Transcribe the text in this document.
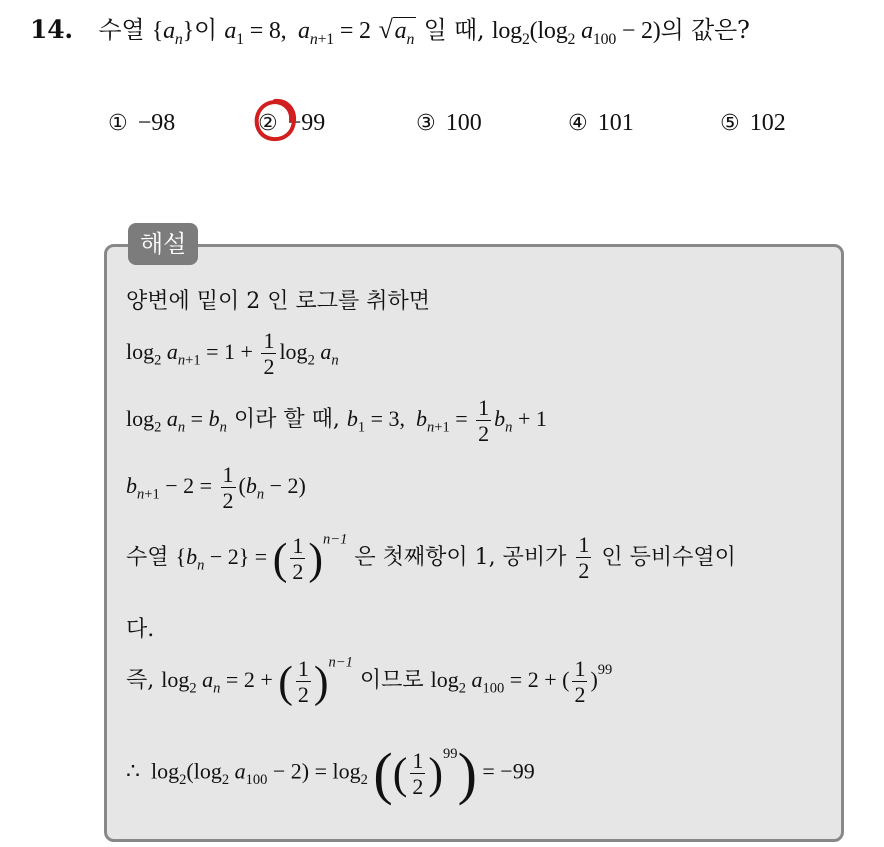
14. 수열 $\{a_n\}$이 $a_1 = 8$,  $a_{n+1} = 2$ $√a_n$ 일 때, $\log_2(\log_2$ $a_{100} - 2$)의 값은?
① −98	② −99	③ 100	④ 101	⑤ 102
해설
양변에 밑이 2 인 로그를 취하면
$\log_2 a_{n+1} = 1 + \frac{1}{2} \log_2 a_n$
$\log_2 a_n = b_n$ 이라 할 때, $b_1 = 3$,  $b_{n+1} = \frac{1}{2} b_n + 1$
$b_{n+1} - 2 = \frac{1}{2} (b_n - 2)$
수열 $\{b_n - 2\}$ = ( $\frac{1}{2} )^{n-1}$ 은 첫째항이 1, 공비가 $\frac{1}{2}$ 인 등비수열이
다.
즉, $\log_2 a_n = 2$ + ( $\frac{1}{2} )^{n-1}$ 이므로 $\log_2 a_{100} = 2$ + ( $\frac{1}{2} )^{99}$
∴  $\log_2(\log_2$ $a_{100} - 2) = \log_2$ (( $\frac{1}{2} )^{99}) = -99$
